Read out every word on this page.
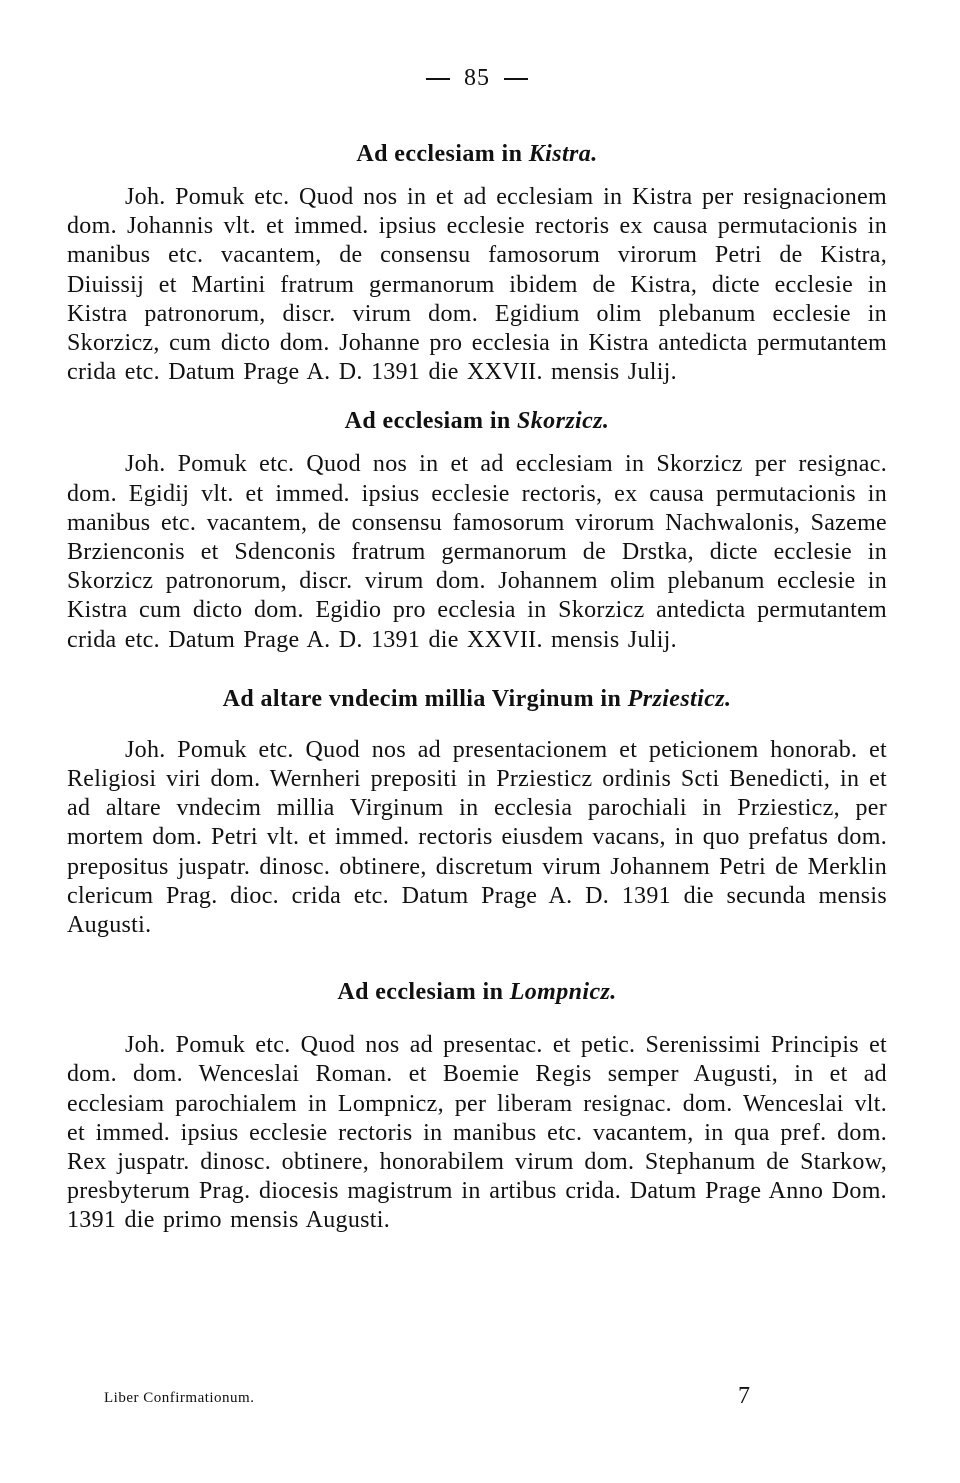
85
Ad ecclesiam in Kistra.

Joh. Pomuk etc. Quod nos in et ad ecclesiam in Kistra per resignacionem dom. Johannis vlt. et immed. ipsius ecclesie rectoris ex causa permutacionis in manibus etc. vacantem, de consensu famosorum virorum Petri de Kistra, Diuissij et Martini fratrum germanorum ibidem de Kistra, dicte ecclesie in Kistra patronorum, discr. virum dom. Egidium olim plebanum ecclesie in Skorzicz, cum dicto dom. Johanne pro ecclesia in Kistra antedicta permutantem crida etc. Datum Prage A. D. 1391 die XXVII. mensis Julij.

Ad ecclesiam in Skorzicz.

Joh. Pomuk etc. Quod nos in et ad ecclesiam in Skorzicz per resignac. dom. Egidij vlt. et immed. ipsius ecclesie rectoris, ex causa permutacionis in manibus etc. vacantem, de consensu famosorum virorum Nachwalonis, Sazeme Brzienconis et Sdenconis fratrum germanorum de Drstka, dicte ecclesie in Skorzicz patronorum, discr. virum dom. Johannem olim plebanum ecclesie in Kistra cum dicto dom. Egidio pro ecclesia in Skorzicz antedicta permutantem crida etc. Datum Prage A. D. 1391 die XXVII. mensis Julij.

Ad altare vndecim millia Virginum in Prziesticz.

Joh. Pomuk etc. Quod nos ad presentacionem et peticionem honorab. et Religiosi viri dom. Wernheri prepositi in Prziesticz ordinis Scti Benedicti, in et ad altare vndecim millia Virginum in ecclesia parochiali in Prziesticz, per mortem dom. Petri vlt. et immed. rectoris eiusdem vacans, in quo prefatus dom. prepositus juspatr. dinosc. obtinere, discretum virum Johannem Petri de Merklin clericum Prag. dioc. crida etc. Datum Prage A. D. 1391 die secunda mensis Augusti.

Ad ecclesiam in Lompnicz.

Joh. Pomuk etc. Quod nos ad presentac. et petic. Serenissimi Principis et dom. dom. Wenceslai Roman. et Boemie Regis semper Augusti, in et ad ecclesiam parochialem in Lompnicz, per liberam resignac. dom. Wenceslai vlt. et immed. ipsius ecclesie rectoris in manibus etc. vacantem, in qua pref. dom. Rex juspatr. dinosc. obtinere, honorabilem virum dom. Stephanum de Starkow, presbyterum Prag. diocesis magistrum in artibus crida. Datum Prage Anno Dom. 1391 die primo mensis Augusti.

Liber Confirmationum.	7
